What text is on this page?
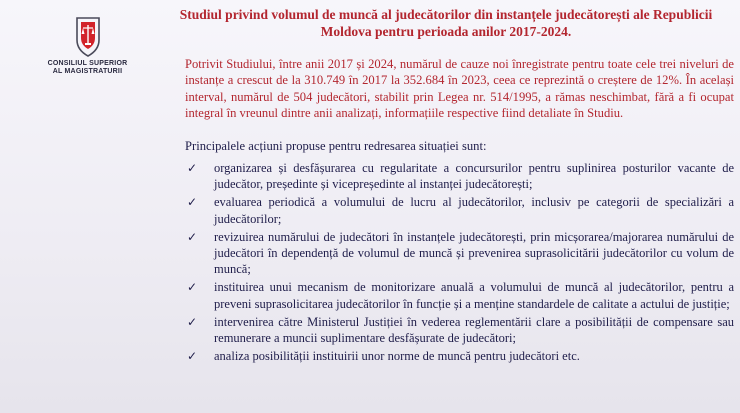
CONSILIUL SUPERIOR
AL MAGISTRATURII
Studiul privind volumul de muncă al judecătorilor din instanțele judecătorești ale Republicii Moldova pentru perioada anilor 2017-2024.

Potrivit Studiului, între anii 2017 și 2024, numărul de cauze noi înregistrate pentru toate cele trei niveluri de instanțe a crescut de la 310.749 în 2017 la 352.684 în 2023, ceea ce reprezintă o creștere de 12%. În același interval, numărul de 504 judecători, stabilit prin Legea nr. 514/1995, a rămas neschimbat, fără a fi ocupat integral în vreunul dintre anii analizați, informațiile respective fiind detaliate în Studiu.

Principalele acțiuni propuse pentru redresarea situației sunt:
✓ organizarea și desfășurarea cu regularitate a concursurilor pentru suplinirea posturilor vacante de judecător, președinte și vicepreședinte al instanței judecătorești;
✓ evaluarea periodică a volumului de lucru al judecătorilor, inclusiv pe categorii de specializări a judecătorilor;
✓ revizuirea numărului de judecători în instanțele judecătorești, prin micșorarea/majorarea numărului de judecători în dependență de volumul de muncă și prevenirea suprasolicitării judecătorilor cu volum de muncă;
✓ instituirea unui mecanism de monitorizare anuală a volumului de muncă al judecătorilor, pentru a preveni suprasolicitarea judecătorilor în funcție și a menține standardele de calitate a actului de justiție;
✓ intervenirea către Ministerul Justiției în vederea reglementării clare a posibilității de compensare sau remunerare a muncii suplimentare desfășurate de judecători;
✓ analiza posibilității instituirii unor norme de muncă pentru judecători etc.
